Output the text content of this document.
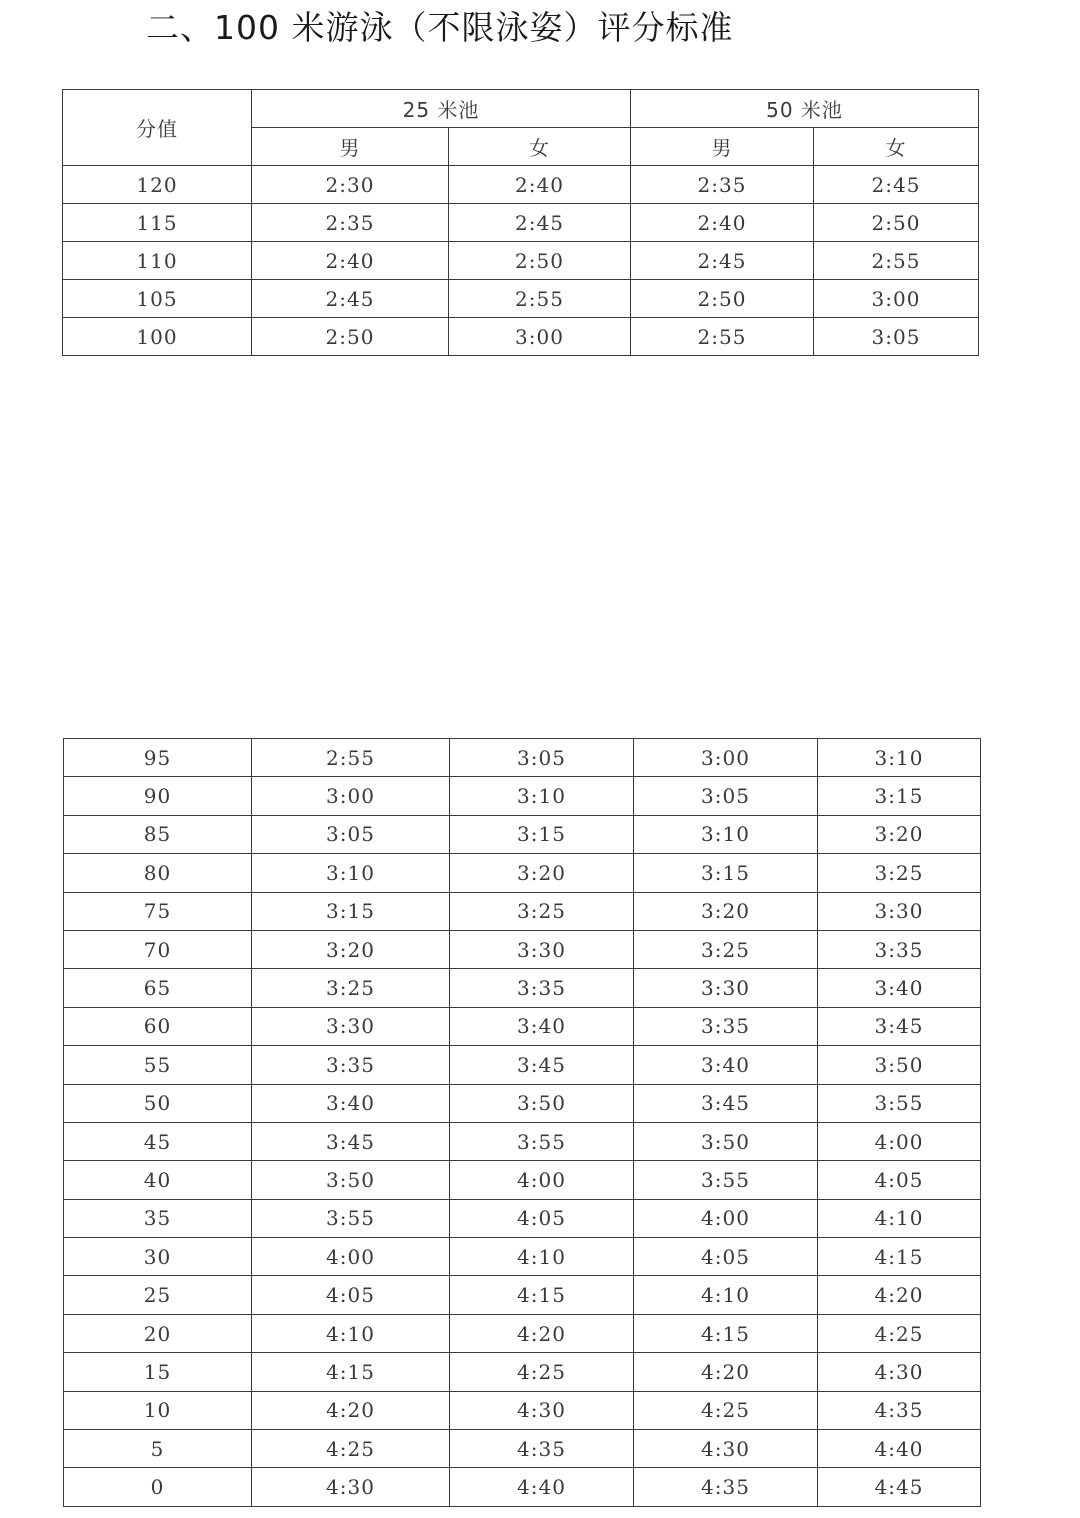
二、100 米游泳（不限泳姿）评分标准
分值	25 米池		50 米池	
	男	女	男	女
120	2:30	2:40	2:35	2:45
115	2:35	2:45	2:40	2:50
110	2:40	2:50	2:45	2:55
105	2:45	2:55	2:50	3:00
100	2:50	3:00	2:55	3:05
95	2:55	3:05	3:00	3:10
90	3:00	3:10	3:05	3:15
85	3:05	3:15	3:10	3:20
80	3:10	3:20	3:15	3:25
75	3:15	3:25	3:20	3:30
70	3:20	3:30	3:25	3:35
65	3:25	3:35	3:30	3:40
60	3:30	3:40	3:35	3:45
55	3:35	3:45	3:40	3:50
50	3:40	3:50	3:45	3:55
45	3:45	3:55	3:50	4:00
40	3:50	4:00	3:55	4:05
35	3:55	4:05	4:00	4:10
30	4:00	4:10	4:05	4:15
25	4:05	4:15	4:10	4:20
20	4:10	4:20	4:15	4:25
15	4:15	4:25	4:20	4:30
10	4:20	4:30	4:25	4:35
5	4:25	4:35	4:30	4:40
0	4:30	4:40	4:35	4:45
